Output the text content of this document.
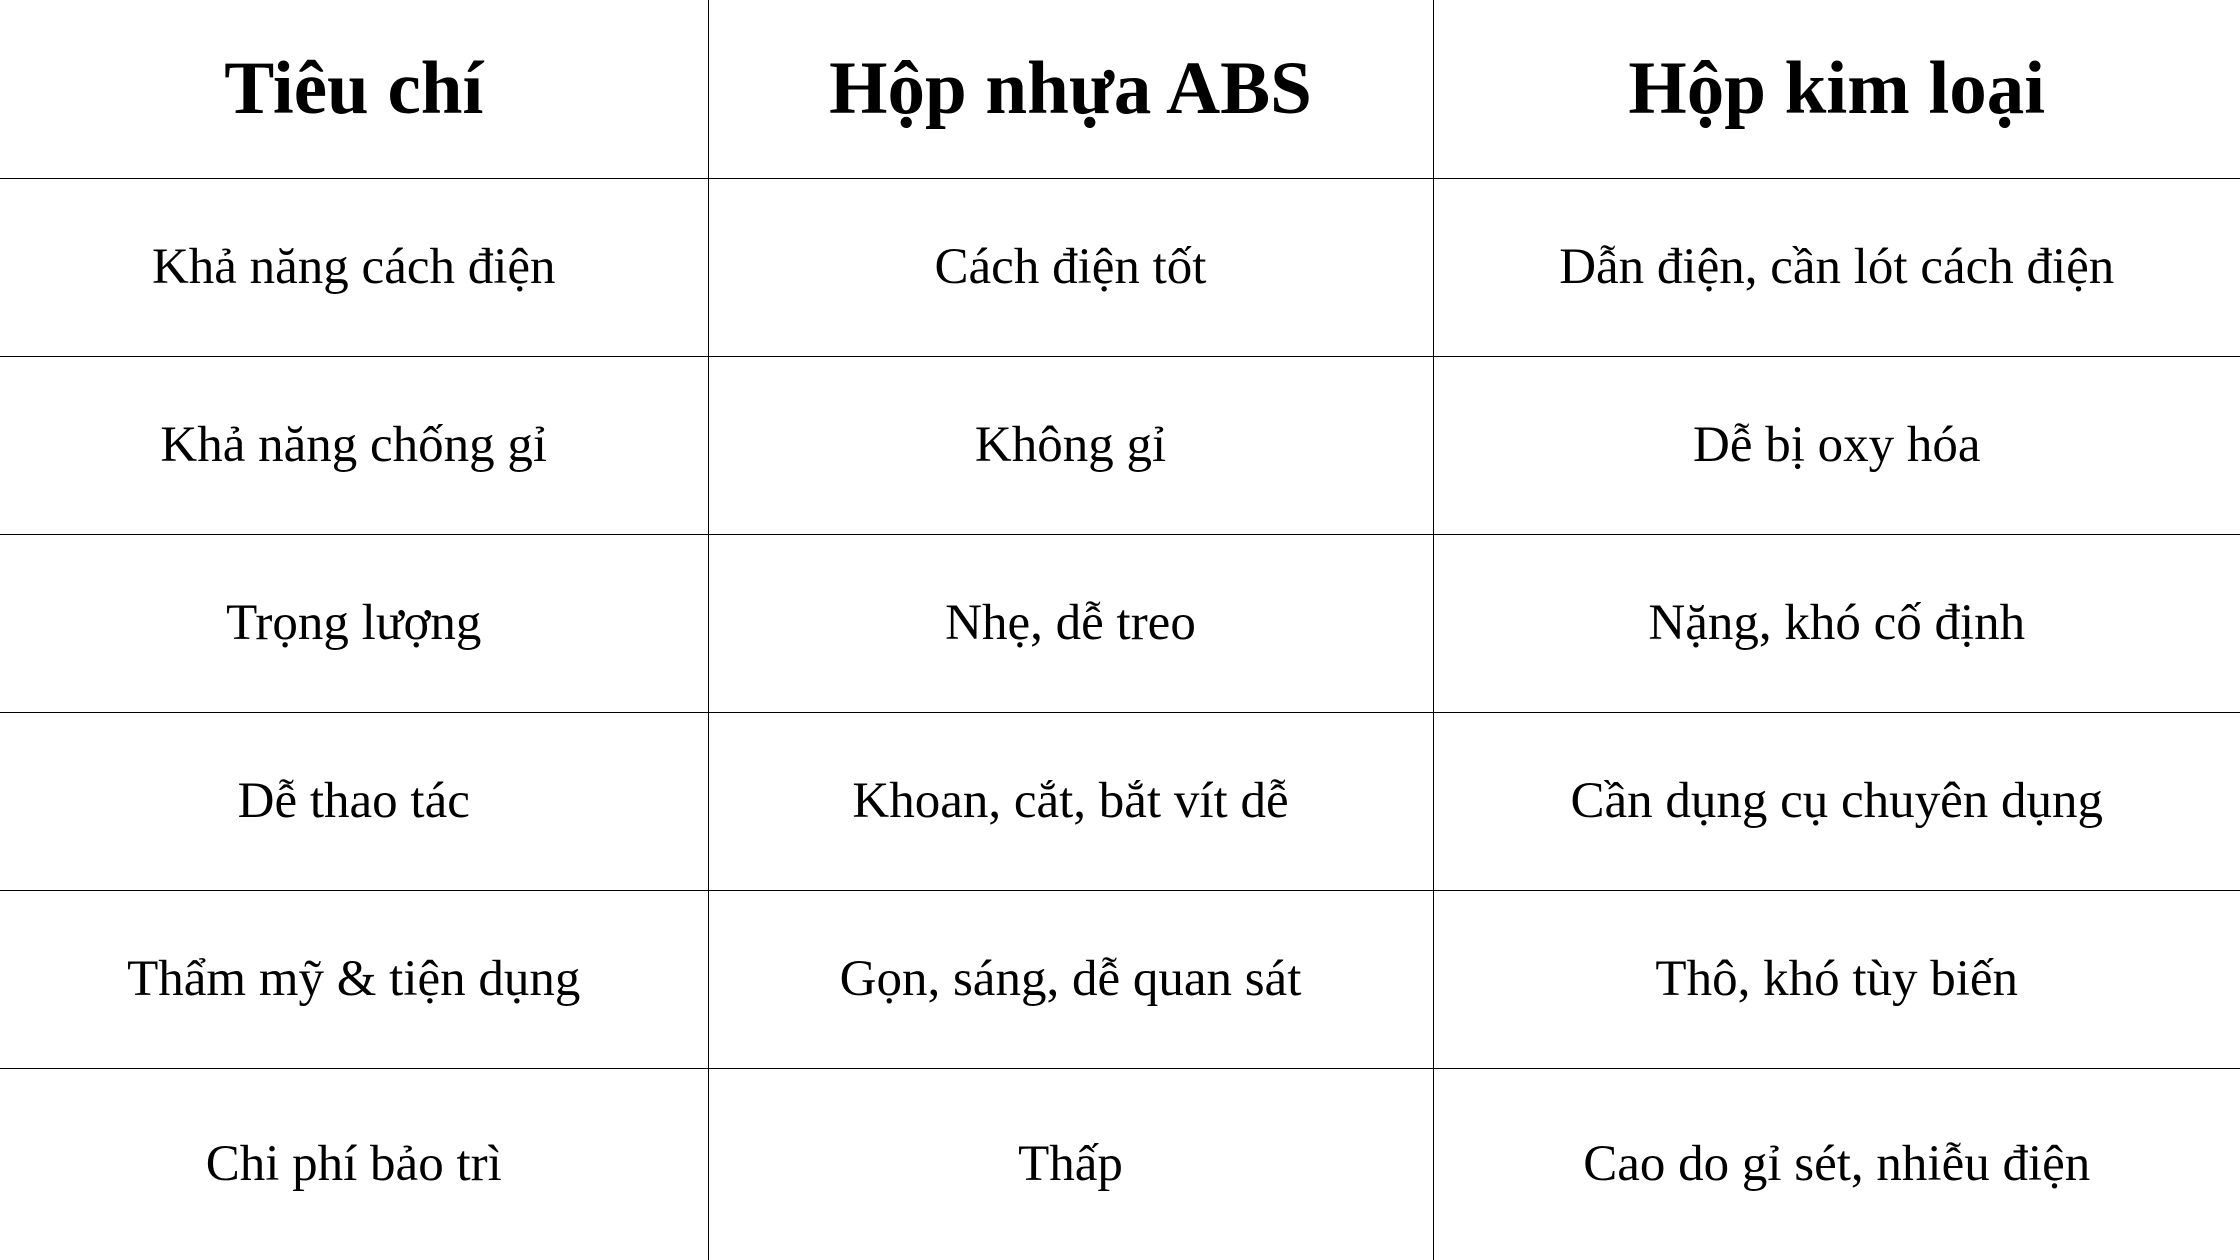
Tiêu chí	Hộp nhựa ABS	Hộp kim loại
Khả năng cách điện	Cách điện tốt	Dẫn điện, cần lót cách điện
Khả năng chống gỉ	Không gỉ	Dễ bị oxy hóa
Trọng lượng	Nhẹ, dễ treo	Nặng, khó cố định
Dễ thao tác	Khoan, cắt, bắt vít dễ	Cần dụng cụ chuyên dụng
Thẩm mỹ & tiện dụng	Gọn, sáng, dễ quan sát	Thô, khó tùy biến
Chi phí bảo trì	Thấp	Cao do gỉ sét, nhiễu điện
